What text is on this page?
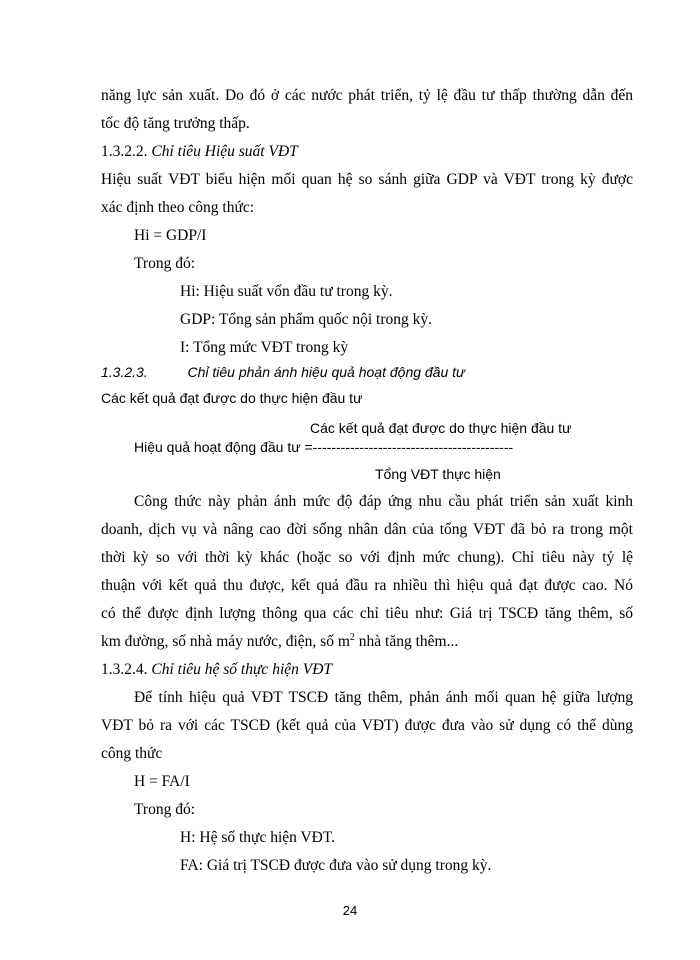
năng lực sản xuất. Do đó ở các nước phát triển, tỷ lệ đầu tư thấp thường dẫn đến
tốc độ tăng trưởng thấp.
1.3.2.2. Chỉ tiêu Hiệu suất VĐT
Hiệu suất VĐT biểu hiện mối quan hệ so sánh giữa GDP và VĐT trong kỳ được
xác định theo công thức:
Hi = GDP/I
Trong đó:
Hi: Hiệu suất vốn đầu tư trong kỳ.
GDP: Tổng sản phẩm quốc nội trong kỳ.
I: Tổng mức VĐT trong kỳ
1.3.2.3.	Chỉ tiêu phản ánh hiệu quả hoạt động đầu tư
Các kết quả đạt được do thực hiện đầu tư
Các kết quả đạt được do thực hiện đầu tư
Hiệu quả hoạt động đầu tư =-------------------------------------------
Tổng VĐT thực hiện
Công thức này phản ánh mức độ đáp ứng nhu cầu phát triển sản xuất kinh
doanh, dịch vụ và nâng cao đời sống nhân dân của tổng VĐT đã bỏ ra trong một
thời kỳ so với thời kỳ khác (hoặc so với định mức chung). Chỉ tiêu này tỷ lệ
thuận với kết quả thu được, kết quả đầu ra nhiều thì hiệu quả đạt được cao. Nó
có thể được định lượng thông qua các chỉ tiêu như: Giá trị TSCĐ tăng thêm, số
km đường, số nhà máy nước, điện, số $m^2$ nhà tăng thêm...
1.3.2.4. Chỉ tiêu hệ số thực hiện VĐT
Để tính hiệu quả VĐT TSCĐ tăng thêm, phản ánh mối quan hệ giữa lượng
VĐT bỏ ra với các TSCĐ (kết quả của VĐT) được đưa vào sử dụng có thể dùng
công thức
H = FA/I
Trong đó:
H: Hệ số thực hiện VĐT.
FA: Giá trị TSCĐ được đưa vào sử dụng trong kỳ.
24
